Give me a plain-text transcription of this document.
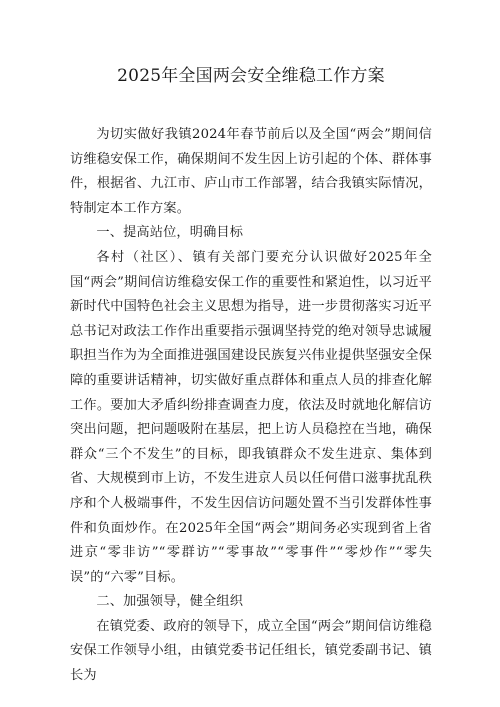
2025年全国两会安全维稳工作方案

为切实做好我镇2024年春节前后以及全国“两会”期间信访维稳安保工作，确保期间不发生因上访引起的个体、群体事件，根据省、九江市、庐山市工作部署，结合我镇实际情况，特制定本工作方案。

一、提高站位，明确目标

各村（社区）、镇有关部门要充分认识做好2025年全国“两会”期间信访维稳安保工作的重要性和紧迫性，以习近平新时代中国特色社会主义思想为指导，进一步贯彻落实习近平总书记对政法工作作出重要指示强调坚持党的绝对领导忠诚履职担当作为为全面推进强国建设民族复兴伟业提供坚强安全保障的重要讲话精神，切实做好重点群体和重点人员的排查化解工作。要加大矛盾纠纷排查调查力度，依法及时就地化解信访突出问题，把问题吸附在基层，把上访人员稳控在当地，确保群众“三个不发生”的目标，即我镇群众不发生进京、集体到省、大规模到市上访，不发生进京人员以任何借口滋事扰乱秩序和个人极端事件，不发生因信访问题处置不当引发群体性事件和负面炒作。在2025年全国“两会”期间务必实现到省上省进京“零非访”“零群访”“零事故”“零事件”“零炒作”“零失误”的“六零”目标。

二、加强领导，健全组织

在镇党委、政府的领导下，成立全国“两会”期间信访维稳安保工作领导小组，由镇党委书记任组长，镇党委副书记、镇长为
